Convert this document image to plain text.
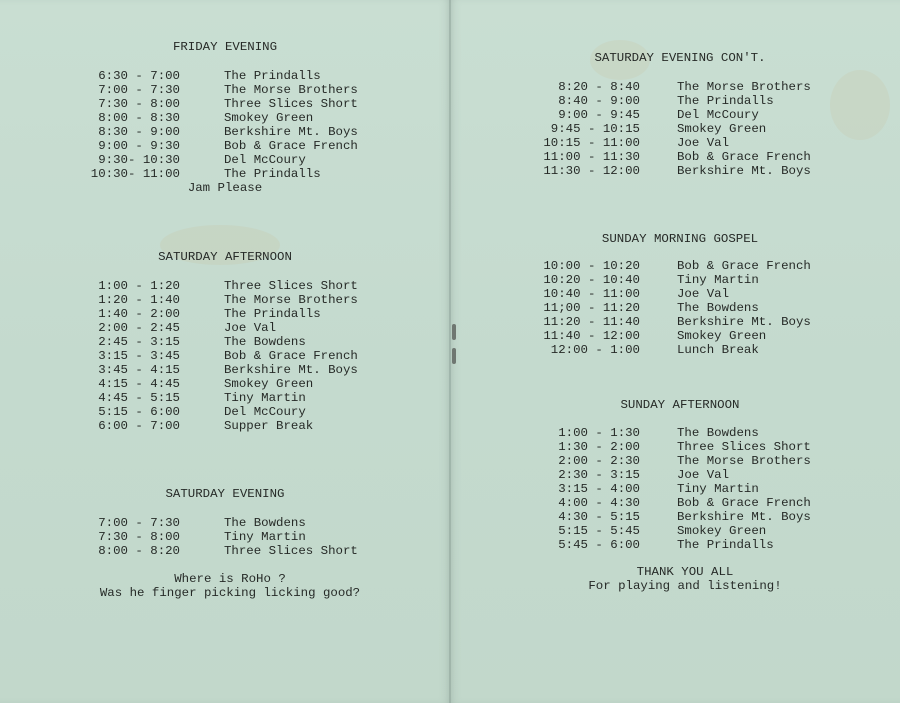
FRIDAY EVENING
6:30 - 7:00	The Prindalls
7:00 - 7:30	The Morse Brothers
7:30 - 8:00	Three Slices Short
8:00 - 8:30	Smokey Green
8:30 - 9:00	Berkshire Mt. Boys
9:00 - 9:30	Bob & Grace French
9:30- 10:30	Del McCoury
10:30- 11:00	The Prindalls
Jam Please
SATURDAY AFTERNOON
1:00 - 1:20	Three Slices Short
1:20 - 1:40	The Morse Brothers
1:40 - 2:00	The Prindalls
2:00 - 2:45	Joe Val
2:45 - 3:15	The Bowdens
3:15 - 3:45	Bob & Grace French
3:45 - 4:15	Berkshire Mt. Boys
4:15 - 4:45	Smokey Green
4:45 - 5:15	Tiny Martin
5:15 - 6:00	Del McCoury
6:00 - 7:00	Supper Break
SATURDAY EVENING
7:00 - 7:30	The Bowdens
7:30 - 8:00	Tiny Martin
8:00 - 8:20	Three Slices Short
Where is RoHo ?
Was he finger picking licking good?
SATURDAY EVENING CON'T.
8:20 - 8:40	The Morse Brothers
8:40 - 9:00	The Prindalls
9:00 - 9:45	Del McCoury
9:45 - 10:15	Smokey Green
10:15 - 11:00	Joe Val
11:00 - 11:30	Bob & Grace French
11:30 - 12:00	Berkshire Mt. Boys
SUNDAY MORNING GOSPEL
10:00 - 10:20	Bob & Grace French
10:20 - 10:40	Tiny Martin
10:40 - 11:00	Joe Val
11;00 - 11:20	The Bowdens
11:20 - 11:40	Berkshire Mt. Boys
11:40 - 12:00	Smokey Green
12:00 - 1:00	Lunch Break
SUNDAY AFTERNOON
1:00 - 1:30	The Bowdens
1:30 - 2:00	Three Slices Short
2:00 - 2:30	The Morse Brothers
2:30 - 3:15	Joe Val
3:15 - 4:00	Tiny Martin
4:00 - 4:30	Bob & Grace French
4:30 - 5:15	Berkshire Mt. Boys
5:15 - 5:45	Smokey Green
5:45 - 6:00	The Prindalls
THANK YOU ALL
For playing and listening!
